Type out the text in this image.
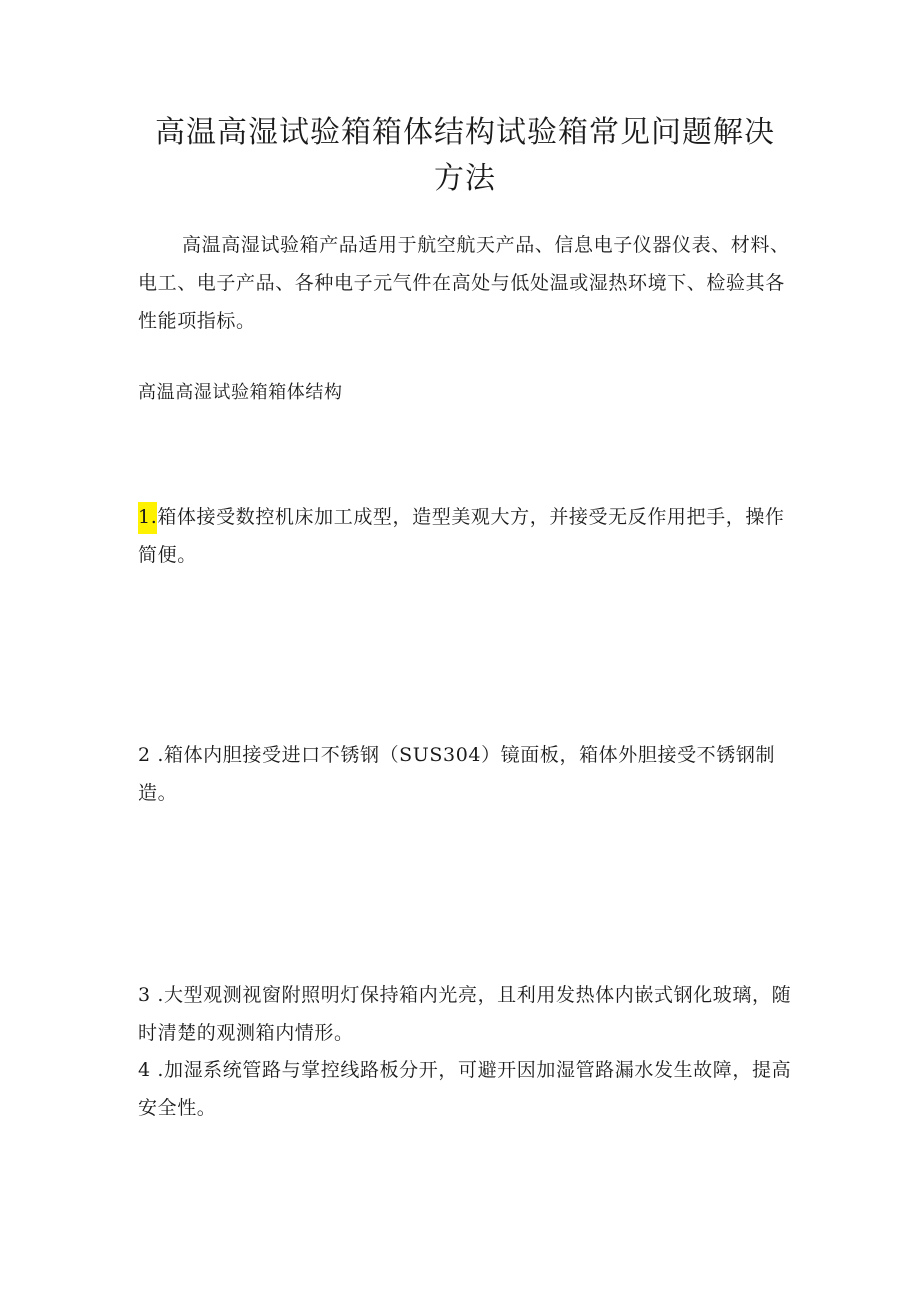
高温高湿试验箱箱体结构试验箱常见问题解决方法
高温高湿试验箱产品适用于航空航天产品、信息电子仪器仪表、材料、电工、电子产品、各种电子元气件在高处与低处温或湿热环境下、检验其各性能项指标。
高温高湿试验箱箱体结构
1.箱体接受数控机床加工成型，造型美观大方，并接受无反作用把手，操作简便。
2 .箱体内胆接受进口不锈钢（SUS304）镜面板，箱体外胆接受不锈钢制造。
3 .大型观测视窗附照明灯保持箱内光亮，且利用发热体内嵌式钢化玻璃，随时清楚的观测箱内情形。
4 .加湿系统管路与掌控线路板分开，可避开因加湿管路漏水发生故障，提高安全性。
